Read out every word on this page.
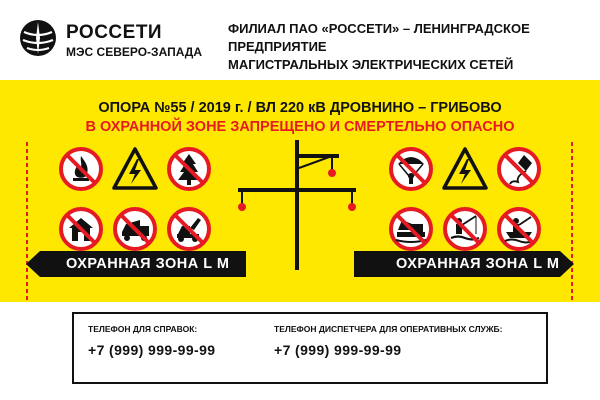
РОССЕТИ
МЭС СЕВЕРО-ЗАПАДА
ФИЛИАЛ ПАО «РОССЕТИ» – ЛЕНИНГРАДСКОЕ ПРЕДПРИЯТИЕ
МАГИСТРАЛЬНЫХ ЭЛЕКТРИЧЕСКИХ СЕТЕЙ
ОПОРА №55 / 2019 г. / ВЛ 220 кВ ДРОВНИНО – ГРИБОВО
В ОХРАННОЙ ЗОНЕ ЗАПРЕЩЕНО И СМЕРТЕЛЬНО ОПАСНО
ОХРАННАЯ ЗОНА L M	ОХРАННАЯ ЗОНА L M
ТЕЛЕФОН ДЛЯ СПРАВОК:
+7 (999) 999-99-99
ТЕЛЕФОН ДИСПЕТЧЕРА ДЛЯ ОПЕРАТИВНЫХ СЛУЖБ:
+7 (999) 999-99-99
